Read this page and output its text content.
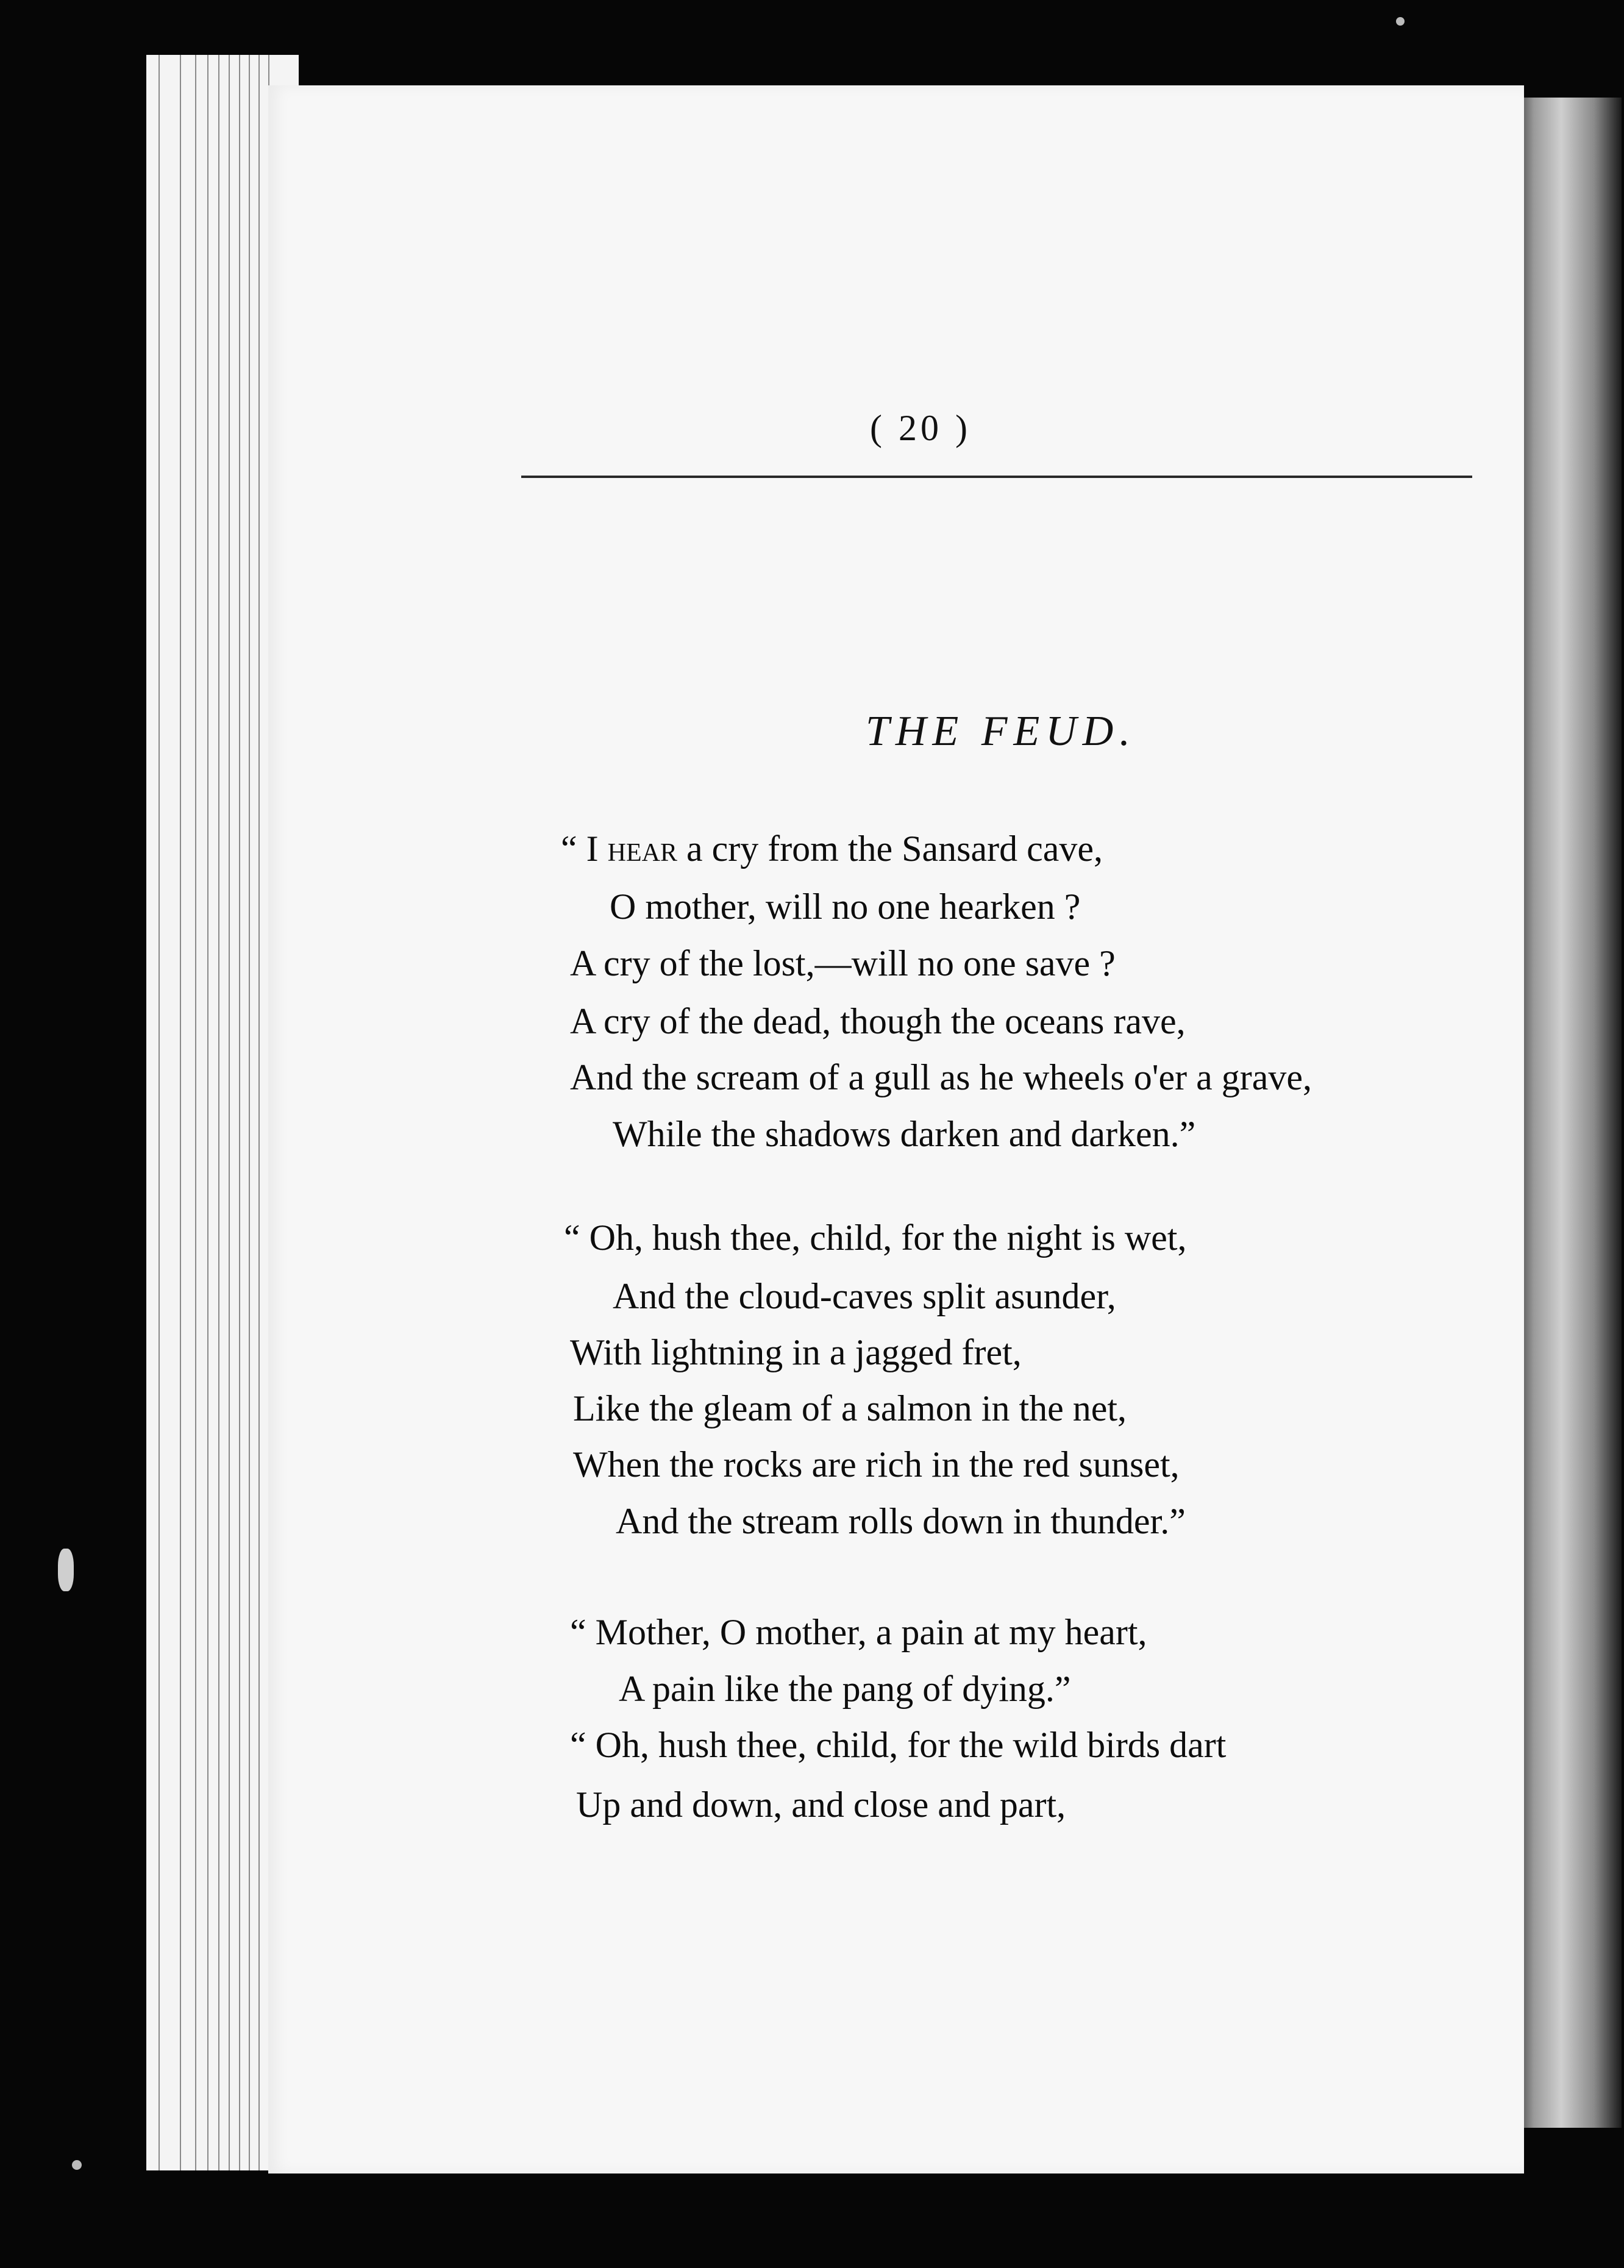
( 20 )
THE FEUD.
“ I hear a cry from the Sansard cave,
O mother, will no one hearken ?
A cry of the lost,—will no one save ?
A cry of the dead, though the oceans rave,
And the scream of a gull as he wheels o'er a grave,
While the shadows darken and darken.”
“ Oh, hush thee, child, for the night is wet,
And the cloud-caves split asunder,
With lightning in a jagged fret,
Like the gleam of a salmon in the net,
When the rocks are rich in the red sunset,
And the stream rolls down in thunder.”
“ Mother, O mother, a pain at my heart,
A pain like the pang of dying.”
“ Oh, hush thee, child, for the wild birds dart
Up and down, and close and part,
